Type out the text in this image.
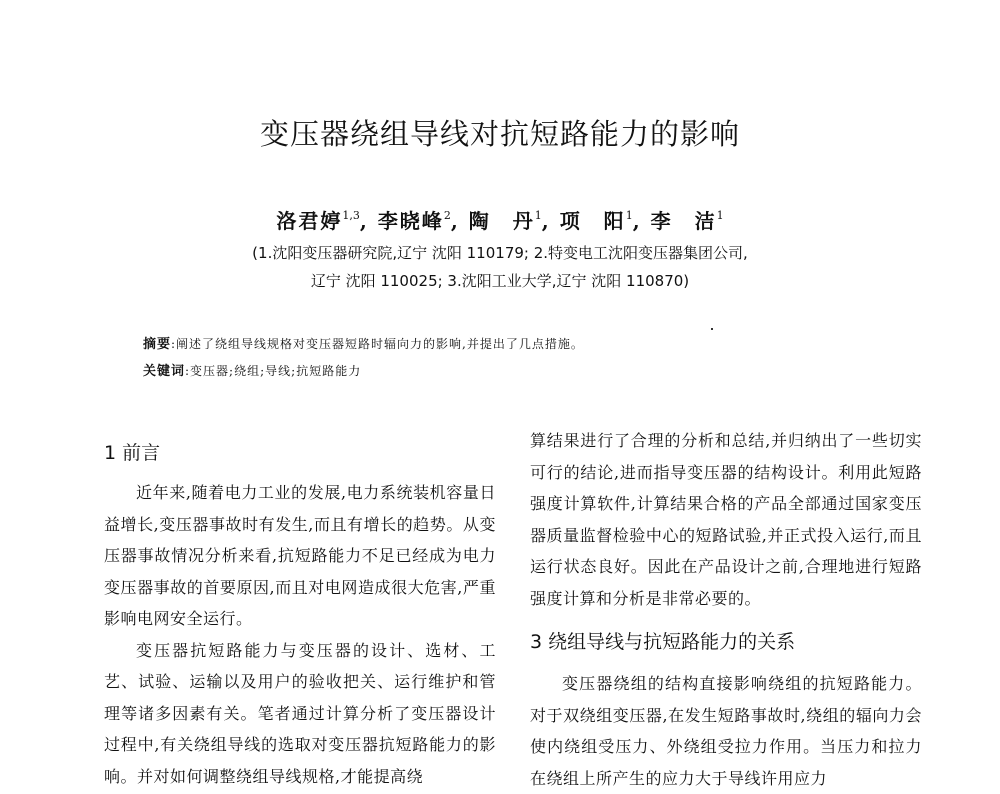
变压器绕组导线对抗短路能力的影响
洛君婷$^{1,3}$, 李晓峰$^2$, 陶　丹$^1$, 项　阳$^1$, 李　洁$^1$
(1.沈阳变压器研究院,辽宁 沈阳 110179; 2.特变电工沈阳变压器集团公司,
辽宁 沈阳 110025; 3.沈阳工业大学,辽宁 沈阳 110870)
摘要:阐述了绕组导线规格对变压器短路时辐向力的影响,并提出了几点措施。
关键词:变压器;绕组;导线;抗短路能力
1 前言

近年来,随着电力工业的发展,电力系统装机容量日益增长,变压器事故时有发生,而且有增长的趋势。从变压器事故情况分析来看,抗短路能力不足已经成为电力变压器事故的首要原因,而且对电网造成很大危害,严重影响电网安全运行。

变压器抗短路能力与变压器的设计、选材、工艺、试验、运输以及用户的验收把关、运行维护和管理等诸多因素有关。笔者通过计算分析了变压器设计过程中,有关绕组导线的选取对变压器抗短路能力的影响。并对如何调整绕组导线规格,才能提高绕

算结果进行了合理的分析和总结,并归纳出了一些切实可行的结论,进而指导变压器的结构设计。利用此短路强度计算软件,计算结果合格的产品全部通过国家变压器质量监督检验中心的短路试验,并正式投入运行,而且运行状态良好。因此在产品设计之前,合理地进行短路强度计算和分析是非常必要的。

3 绕组导线与抗短路能力的关系

变压器绕组的结构直接影响绕组的抗短路能力。对于双绕组变压器,在发生短路事故时,绕组的辐向力会使内绕组受压力、外绕组受拉力作用。当压力和拉力在绕组上所产生的应力大于导线许用应力
